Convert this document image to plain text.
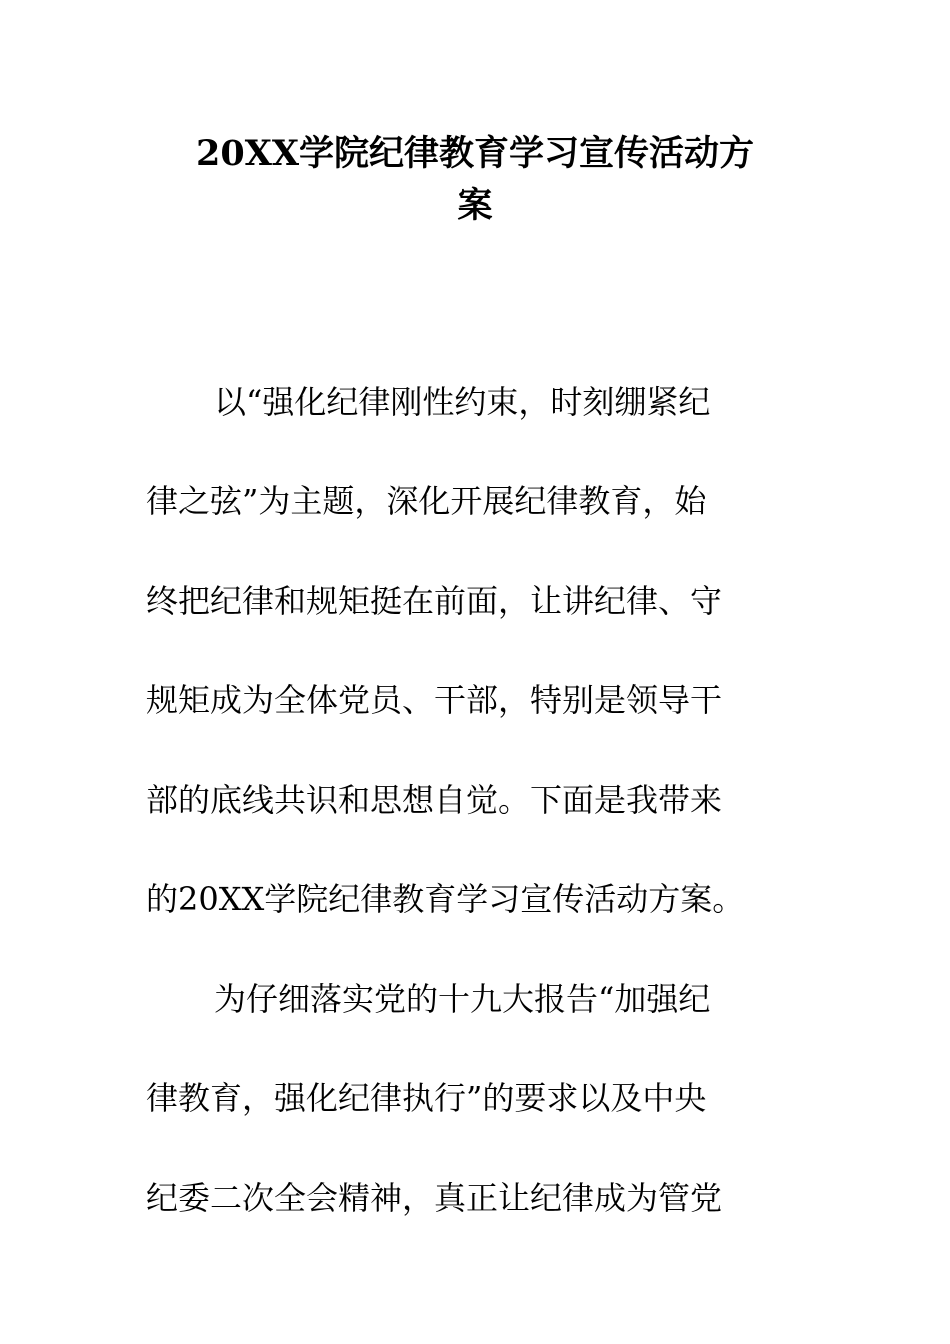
20XX学院纪律教育学习宣传活动方
案
以“强化纪律刚性约束，时刻绷紧纪
律之弦”为主题，深化开展纪律教育，始
终把纪律和规矩挺在前面，让讲纪律、守
规矩成为全体党员、干部，特别是领导干
部的底线共识和思想自觉。下面是我带来
的20XX学院纪律教育学习宣传活动方案。
为仔细落实党的十九大报告“加强纪
律教育，强化纪律执行”的要求以及中央
纪委二次全会精神，真正让纪律成为管党
